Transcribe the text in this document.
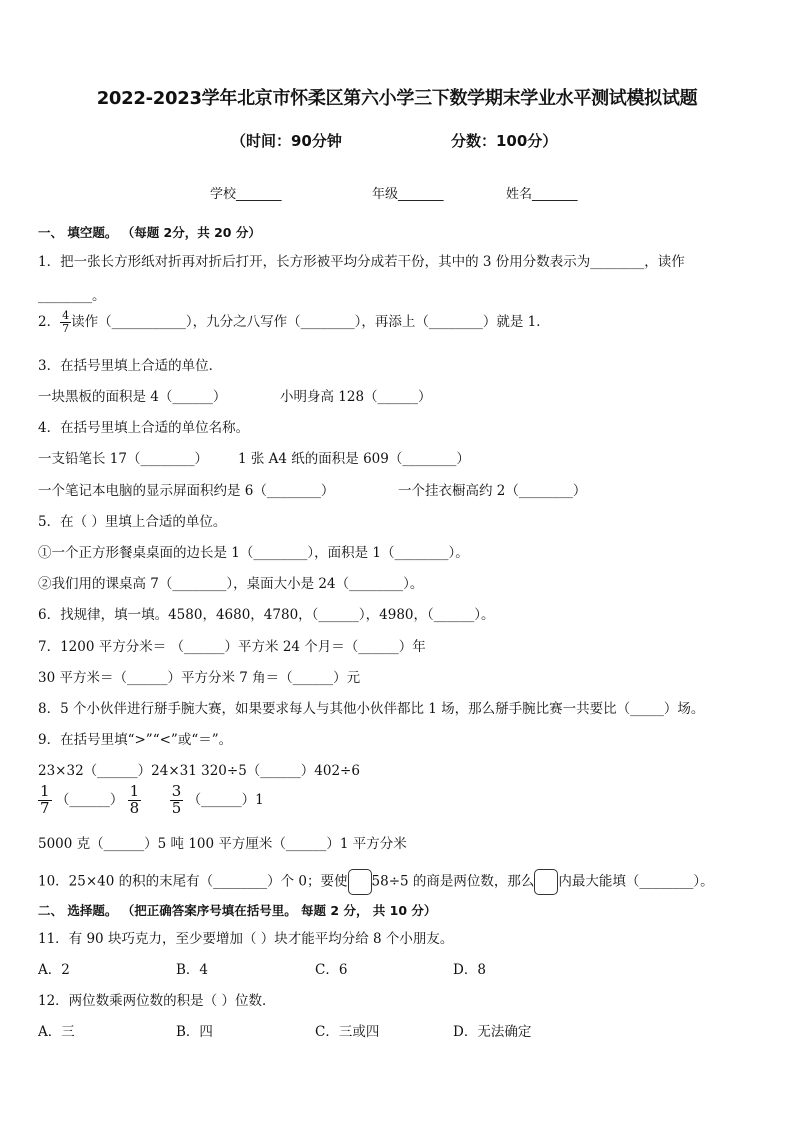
2022-2023学年北京市怀柔区第六小学三下数学期末学业水平测试模拟试题
（时间：90分钟	分数：100分）
学校_______	年级_______	姓名_______
一、 填空题。 （每题 2分，共 20 分）
1．把一张长方形纸对折再对折后打开，长方形被平均分成若干份，其中的 3 份用分数表示为________，读作
________。
2． $\frac{4}{7}$ 读作（___________），九分之八写作（________），再添上（________）就是 1．
3．在括号里填上合适的单位．
一块黑板的面积是 4（______）	小明身高 128（______）
4．在括号里填上合适的单位名称。
一支铅笔长 17（________） 1 张 A4 纸的面积是 609（________）
一个笔记本电脑的显示屏面积约是 6（________）	一个挂衣橱高约 2（________）
5．在（ ）里填上合适的单位。
①一个正方形餐桌桌面的边长是 1（________），面积是 1（________）。
②我们用的课桌高 7（________），桌面大小是 24（________）。
6．找规律，填一填。4580，4680，4780，（______），4980，（______）。
7．1200 平方分米＝ （______）平方米 24 个月＝（______）年
30 平方米＝（______）平方分米 7 角＝（______）元
8．5 个小伙伴进行掰手腕大赛，如果要求每人与其他小伙伴都比 1 场，那么掰手腕比赛一共要比（_____）场。
9．在括号里填“>”“<”或“＝”。
23×32（______）24×31 320÷5（______）402÷6
$\frac{1}{7}$ （______） $\frac{1}{8}$
$\frac{3}{5}$ （______）1
5000 克（______）5 吨 100 平方厘米（______）1 平方分米
10．25×40 的积的末尾有（________）个 0；要使 58÷5 的商是两位数，那么 内最大能填（________）。
二、 选择题。 （把正确答案序号填在括号里。 每题 2 分， 共 10 分）
11．有 90 块巧克力，至少要增加（ ）块才能平均分给 8 个小朋友。
A．2	B．4	C．6	D．8
12．两位数乘两位数的积是（ ）位数．
A．三	B．四	C．三或四	D．无法确定
